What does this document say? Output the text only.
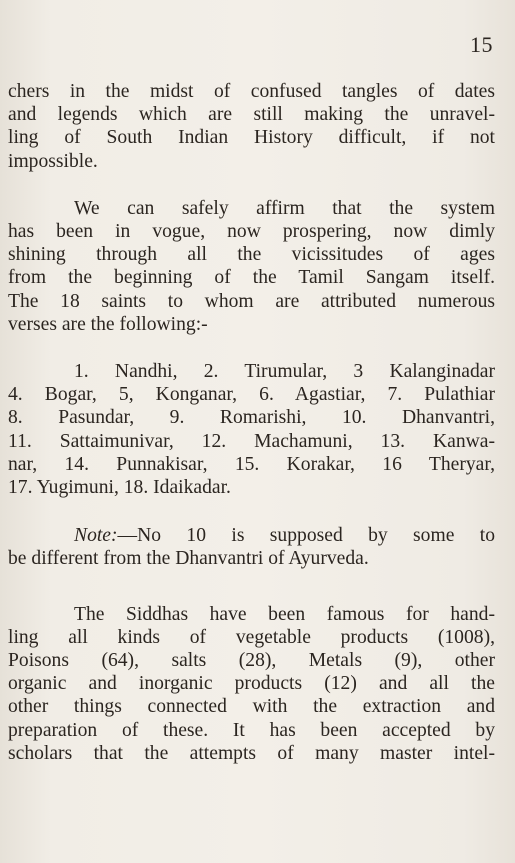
15
chers in the midst of confused tangles of dates
and legends which are still making the unravel-
ling of South Indian History difficult, if not
impossible.
We can safely affirm that the system
has been in vogue, now prospering, now dimly
shining through all the vicissitudes of ages
from the beginning of the Tamil Sangam itself.
The 18 saints to whom are attributed numerous
verses are the following:-
1. Nandhi, 2. Tirumular, 3 Kalanginadar
4. Bogar, 5, Konganar, 6. Agastiar, 7. Pulathiar
8. Pasundar, 9. Romarishi, 10. Dhanvantri,
11. Sattaimunivar, 12. Machamuni, 13. Kanwa-
nar, 14. Punnakisar, 15. Korakar, 16 Theryar,
17. Yugimuni, 18. Idaikadar.
Note:—No 10 is supposed by some to
be different from the Dhanvantri of Ayurveda.
The Siddhas have been famous for hand-
ling all kinds of vegetable products (1008),
Poisons (64), salts (28), Metals (9), other
organic and inorganic products (12) and all the
other things connected with the extraction and
preparation of these. It has been accepted by
scholars that the attempts of many master intel-
